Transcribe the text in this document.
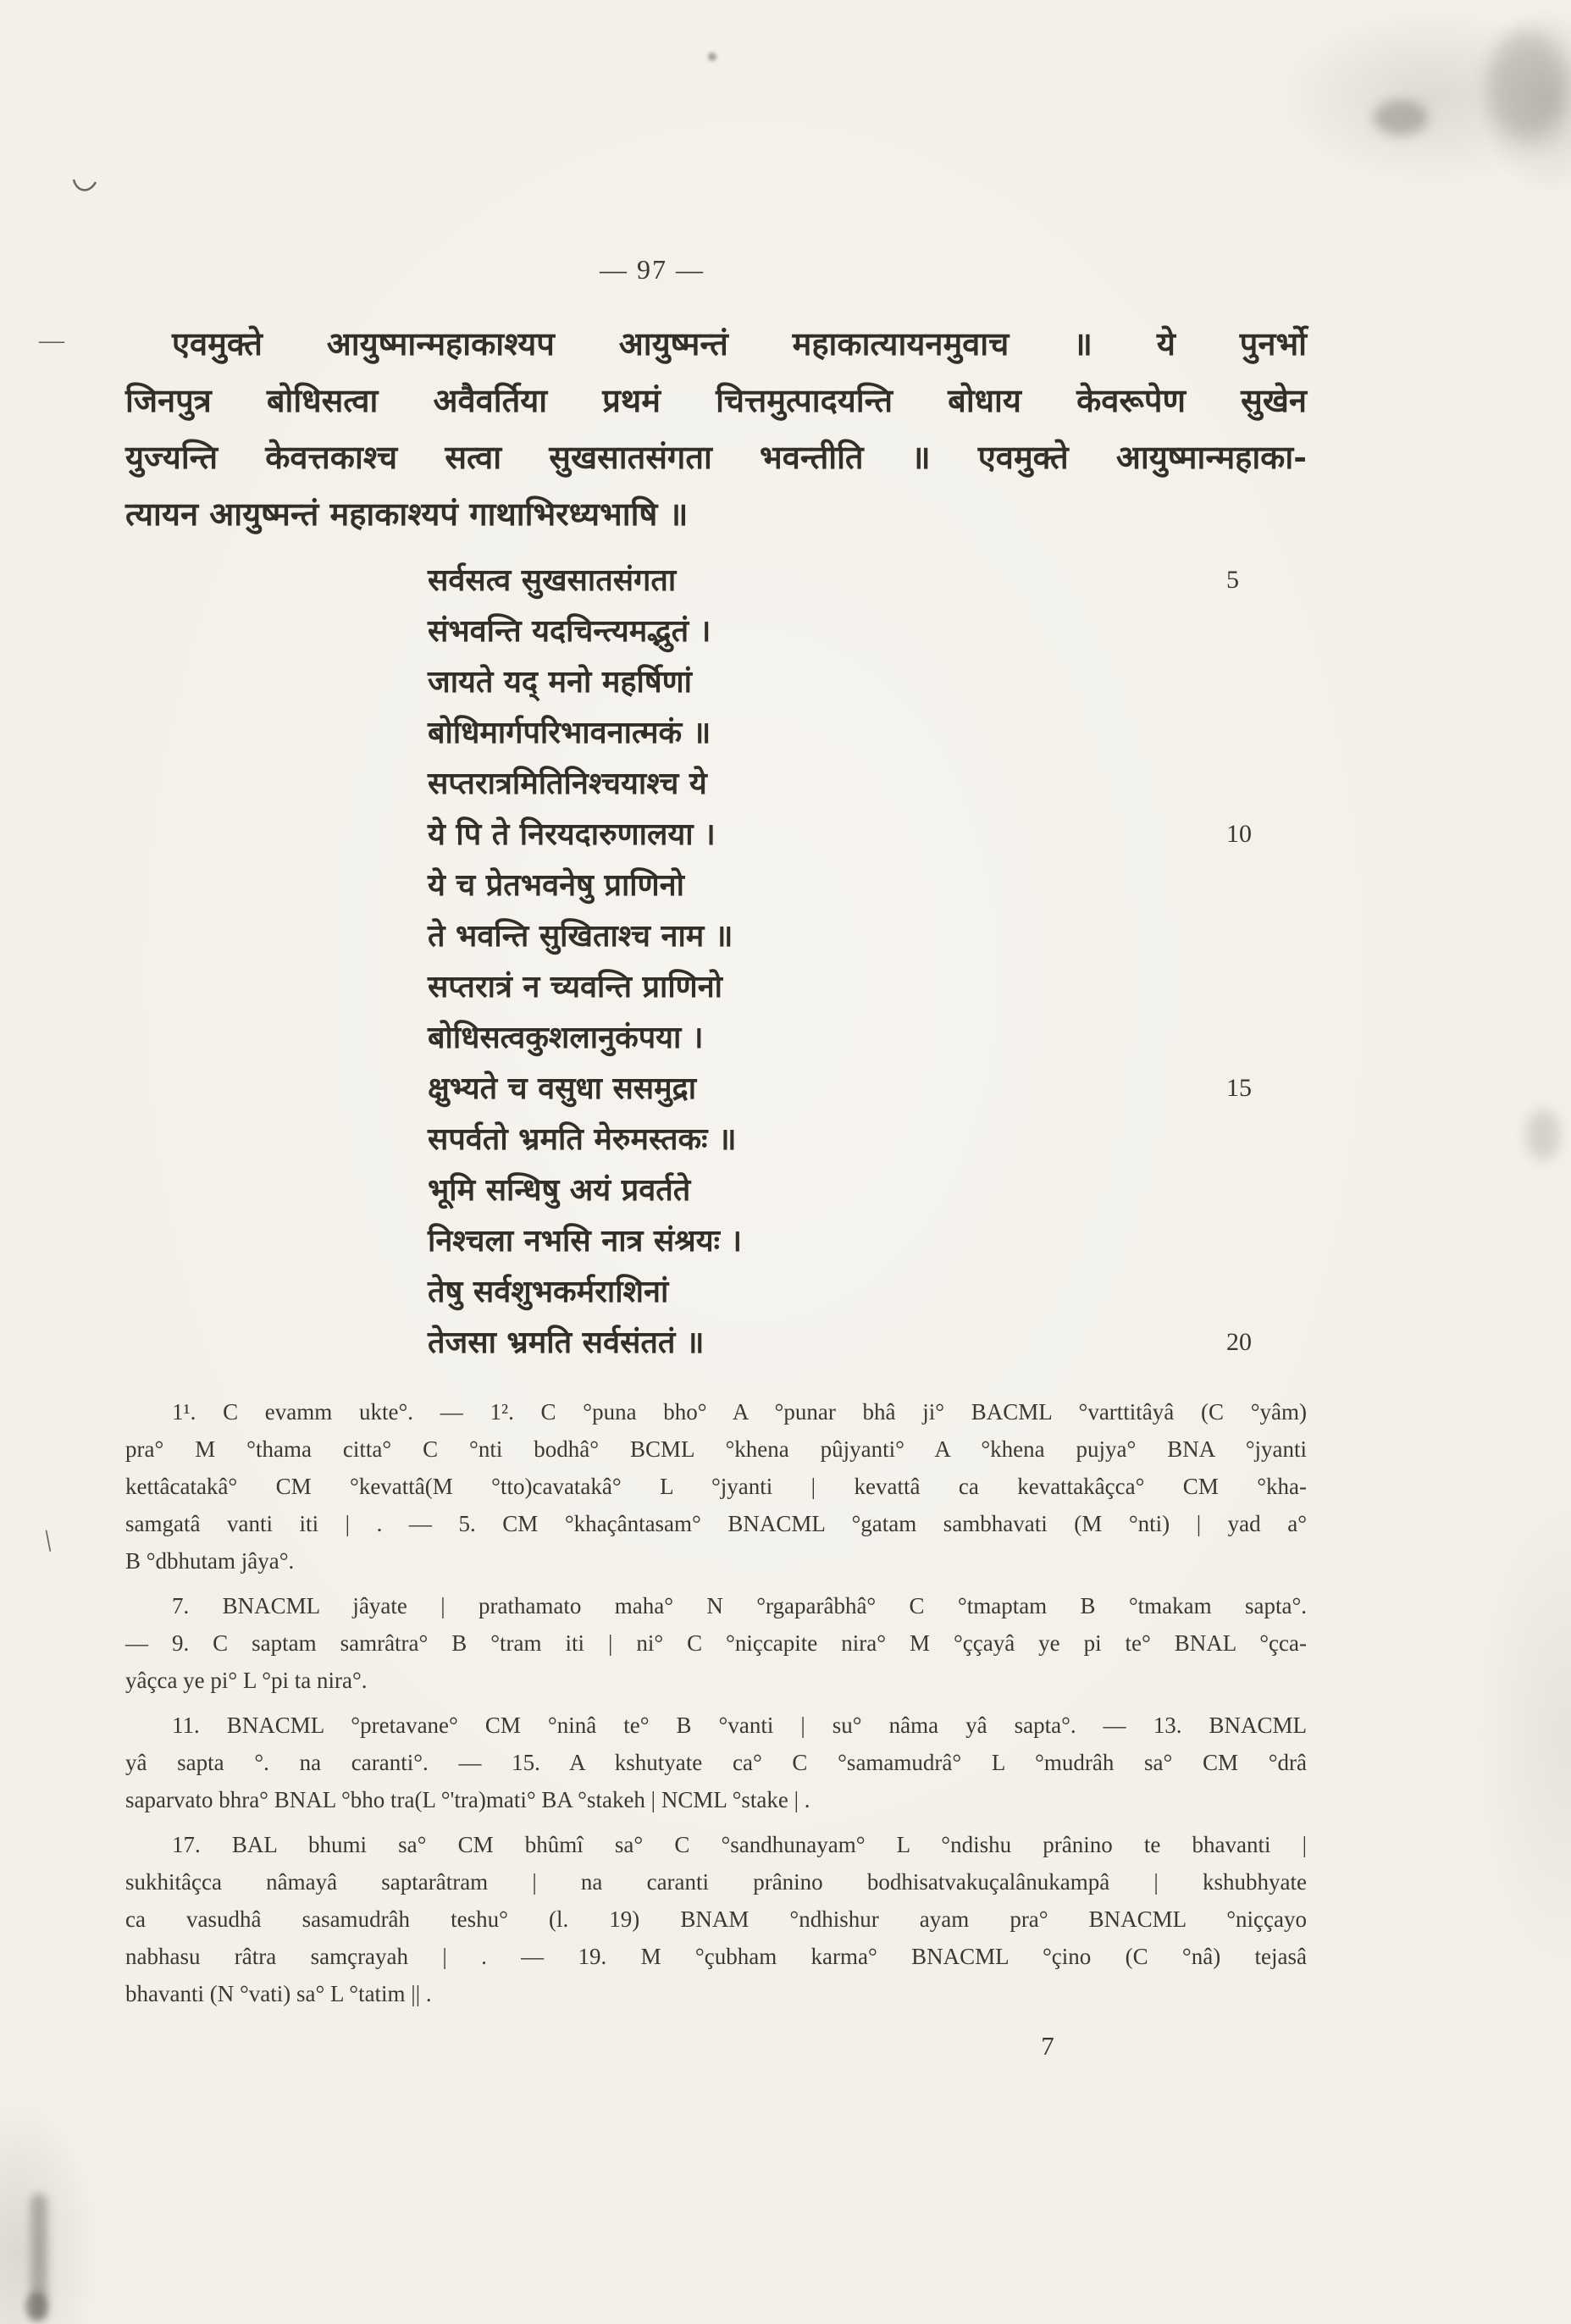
—
\
— 97 —
एवमुक्ते आयुष्मान्महाकाश्यप आयुष्मन्तं महाकात्यायनमुवाच ॥ ये पुनर्भो
जिनपुत्र बोधिसत्वा अवैवर्तिया प्रथमं चित्तमुत्पादयन्ति बोधाय केवरूपेण सुखेन
युज्यन्ति केवत्तकाश्च सत्वा सुखसातसंगता भवन्तीति ॥ एवमुक्ते आयुष्मान्महाका-
त्यायन आयुष्मन्तं महाकाश्यपं गाथाभिरध्यभाषि ॥
सर्वसत्व सुखसातसंगता	5
संभवन्ति यदचिन्त्यमद्भुतं ।
जायते यद् मनो महर्षिणां
बोधिमार्गपरिभावनात्मकं ॥
सप्तरात्रमितिनिश्चयाश्च ये
ये पि ते निरयदारुणालया ।	10
ये च प्रेतभवनेषु प्राणिनो
ते भवन्ति सुखिताश्च नाम ॥
सप्तरात्रं न च्यवन्ति प्राणिनो
बोधिसत्वकुशलानुकंपया ।
क्षुभ्यते च वसुधा ससमुद्रा	15
सपर्वतो भ्रमति मेरुमस्तकः ॥
भूमि सन्धिषु अयं प्रवर्तते
निश्चला नभसि नात्र संश्रयः ।
तेषु सर्वशुभकर्मराशिनां
तेजसा भ्रमति सर्वसंततं ॥	20
1¹. C evamm ukte°. — 1². C °puna bho° A °punar bhâ ji° BACML °varttitâyâ (C °yâm)
pra° M °thama citta° C °nti bodhâ° BCML °khena pûjyanti° A °khena pujya° BNA °jyanti
kettâcatakâ° CM °kevattâ(M °tto)cavatakâ° L °jyanti | kevattâ ca kevattakâçca° CM °kha-
samgatâ vanti iti | . — 5. CM °khaçântasam° BNACML °gatam sambhavati (M °nti) | yad a°
B °dbhutam jâya°.
7. BNACML jâyate | prathamato maha° N °rgaparâbhâ° C °tmaptam B °tmakam sapta°.
— 9. C saptam samrâtra° B °tram iti | ni° C °niçcapite nira° M °ççayâ ye pi te° BNAL °çca-
yâçca ye pi° L °pi ta nira°.
11. BNACML °pretavane° CM °ninâ te° B °vanti | su° nâma yâ sapta°. — 13. BNACML
yâ sapta °. na caranti°. — 15. A kshutyate ca° C °samamudrâ° L °mudrâh sa° CM °drâ
saparvato bhra° BNAL °bho tra(L °'tra)mati° BA °stakeh | NCML °stake | .
17. BAL bhumi sa° CM bhûmî sa° C °sandhunayam° L °ndishu prânino te bhavanti |
sukhitâçca nâmayâ saptarâtram | na caranti prânino bodhisatvakuçalânukampâ | kshubhyate
ca vasudhâ sasamudrâh teshu° (l. 19) BNAM °ndhishur ayam pra° BNACML °niççayo
nabhasu râtra samçrayah | . — 19. M °çubham karma° BNACML °çino (C °nâ) tejasâ
bhavanti (N °vati) sa° L °tatim || .
7
